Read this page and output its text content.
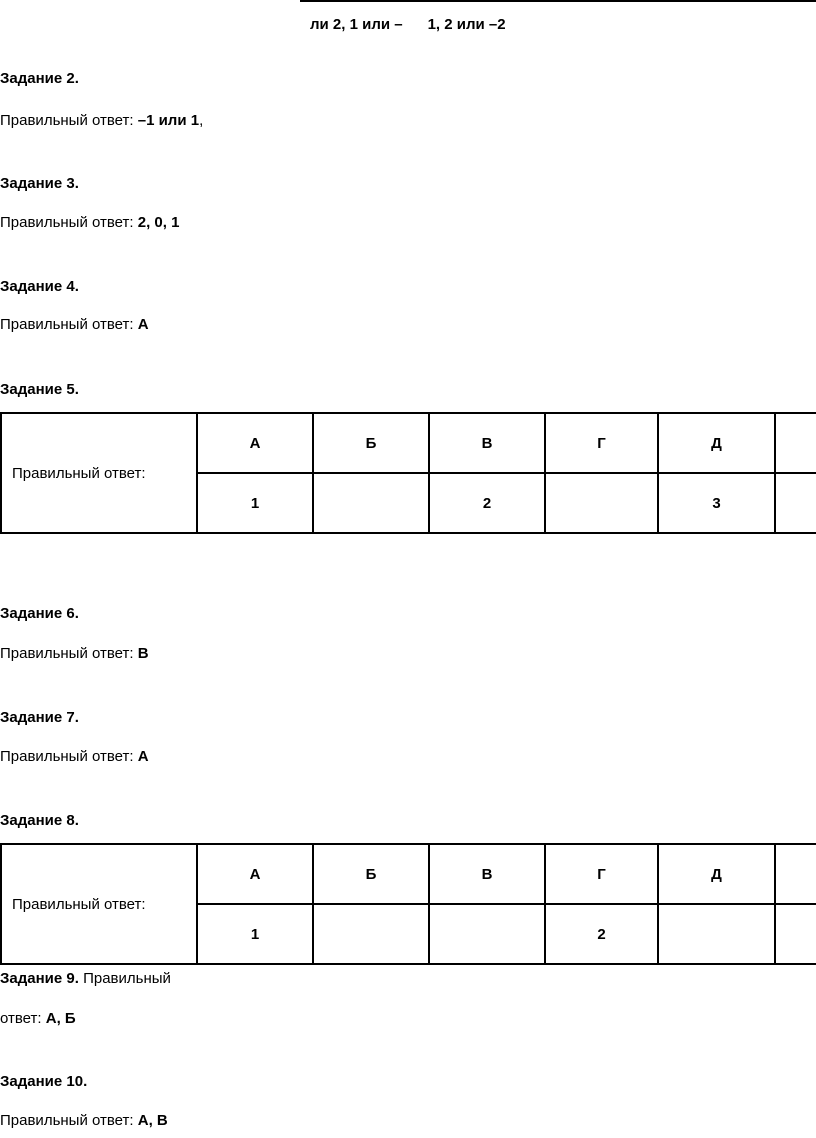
ли 2, 1 или –      1, 2 или –2
Задание 2.
Правильный ответ: –1 или 1,
Задание 3.
Правильный ответ: 2, 0, 1
Задание 4.
Правильный ответ: А
Задание 5.
Правильный ответ:	А	Б	В	Г	Д	
	1		2		3	
Задание 6.
Правильный ответ: В
Задание 7.
Правильный ответ: А
Задание 8.
Правильный ответ:	А	Б	В	Г	Д	
	1			2		
Задание 9. Правильный
ответ: А, Б
Задание 10.
Правильный ответ: А, В
